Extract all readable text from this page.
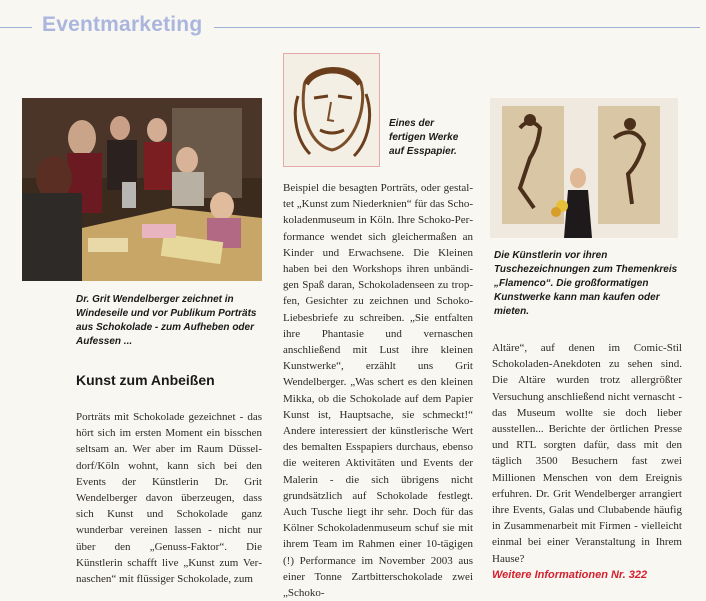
Eventmarketing
Dr. Grit Wendelberger zeichnet in Windeseile und vor Publikum Porträts aus Schokolade - zum Aufheben oder Aufessen ...
Eines der
fertigen Werke
auf Esspapier.
Die Künstlerin vor ihren Tuschezeichnungen zum Themenkreis „Flamenco“. Die großformatigen Kunstwerke kann man kaufen oder mieten.
Kunst zum Anbeißen

Porträts mit Schokolade gezeichnet - das hört sich im ersten Moment ein bisschen seltsam an. Wer aber im Raum Düsseldorf/Köln wohnt, kann sich bei den Events der Künstlerin Dr. Grit Wendelberger davon überzeugen, dass sich Kunst und Schokolade ganz wunderbar vereinen lassen - nicht nur über den „Genuss-Faktor“. Die Künstlerin schafft live „Kunst zum Vernaschen“ mit flüssiger Schokolade, zum

Beispiel die besagten Porträts, oder gestaltet „Kunst zum Niederknien“ für das Schokoladenmuseum in Köln. Ihre Schoko-Performance wendet sich gleichermaßen an Kinder und Erwachsene. Die Kleinen haben bei den Workshops ihren unbändigen Spaß daran, Schokoladenseen zu tropfen, Gesichter zu zeichnen und Schoko-Liebesbriefe zu schreiben. „Sie entfalten ihre Phantasie und vernaschen anschließend mit Lust ihre kleinen Kunstwerke“, erzählt uns Grit Wendelberger. „Was schert es den kleinen Mikka, ob die Schokolade auf dem Papier Kunst ist, Hauptsache, sie schmeckt!“ Andere interessiert der künstlerische Wert des bemalten Esspapiers durchaus, ebenso die weiteren Aktivitäten und Events der Malerin - die sich übrigens nicht grundsätzlich auf Schokolade festlegt. Auch Tusche liegt ihr sehr. Doch für das Kölner Schokoladenmuseum schuf sie mit ihrem Team im Rahmen einer 10-tägigen (!) Performance im November 2003 aus einer Tonne Zartbitterschokolade zwei „Schoko-

Altäre“, auf denen im Comic-Stil Schokoladen-Anekdoten zu sehen sind. Die Altäre wurden trotz allergrößter Versuchung anschließend nicht vernascht - das Museum wollte sie doch lieber ausstellen... Berichte der örtlichen Presse und RTL sorgten dafür, dass mit den täglich 3500 Besuchern fast zwei Millionen Menschen von dem Ereignis erfuhren. Dr. Grit Wendelberger arrangiert ihre Events, Galas und Clubabende häufig in Zusammenarbeit mit Firmen - vielleicht einmal bei einer Veranstaltung in Ihrem Hause?

Weitere Informationen Nr. 322
